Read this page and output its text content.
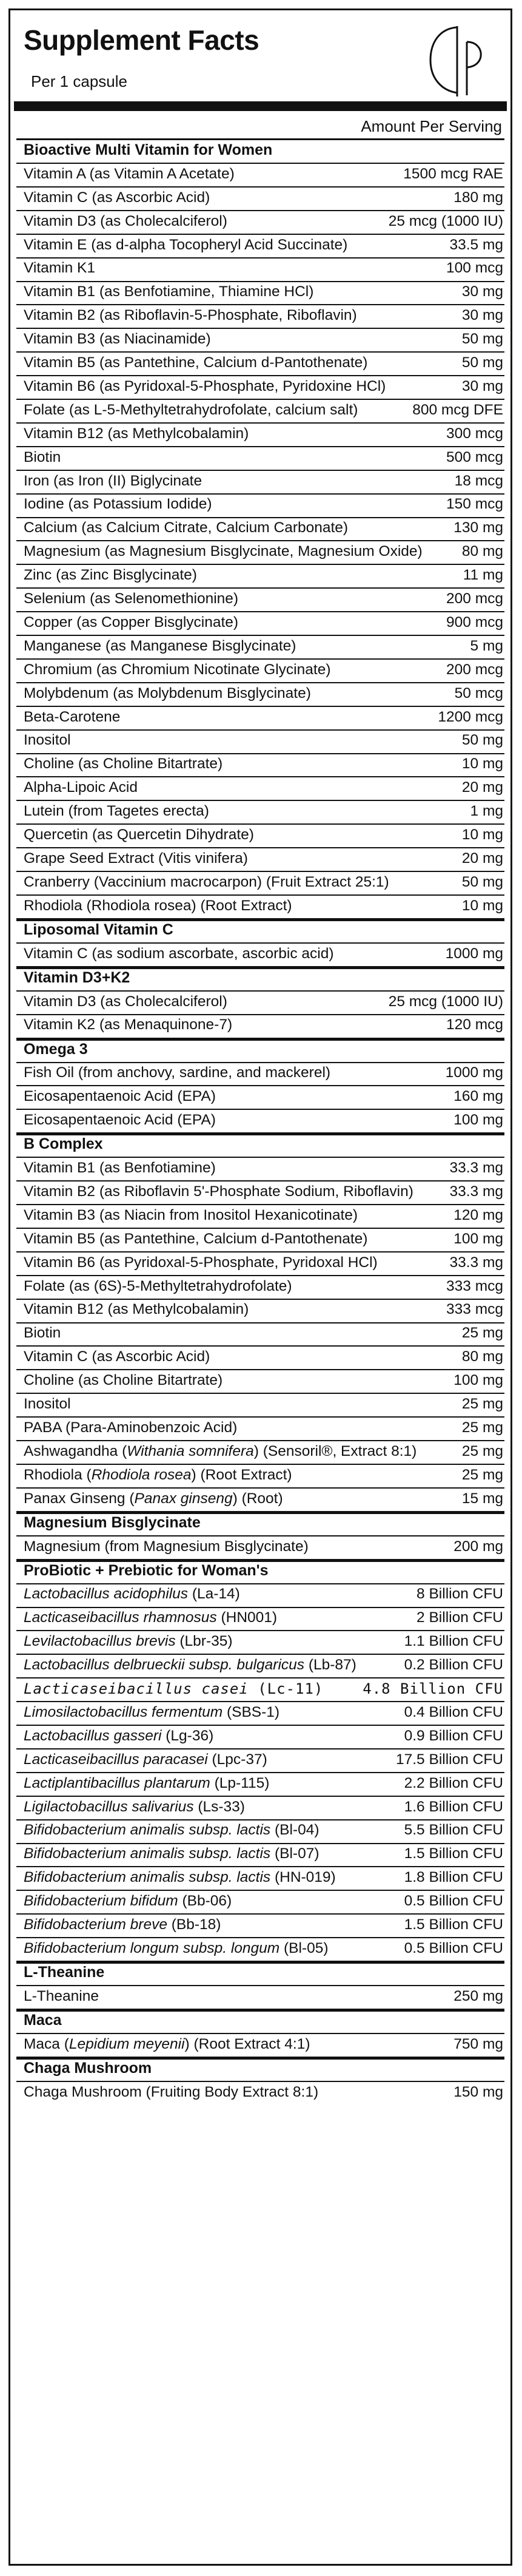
Supplement Facts
Per 1 capsule
Amount Per Serving
Bioactive Multi Vitamin for Women
Vitamin A (as Vitamin A Acetate)	1500 mcg RAE
Vitamin C (as Ascorbic Acid)	180 mg
Vitamin D3 (as Cholecalciferol)	25 mcg (1000 IU)
Vitamin E (as d-alpha Tocopheryl Acid Succinate)	33.5 mg
Vitamin K1	100 mcg
Vitamin B1 (as Benfotiamine, Thiamine HCl)	30 mg
Vitamin B2 (as Riboflavin-5-Phosphate, Riboflavin)	30 mg
Vitamin B3 (as Niacinamide)	50 mg
Vitamin B5 (as Pantethine, Calcium d-Pantothenate)	50 mg
Vitamin B6 (as Pyridoxal-5-Phosphate, Pyridoxine HCl)	30 mg
Folate (as L-5-Methyltetrahydrofolate, calcium salt)	800 mcg DFE
Vitamin B12 (as Methylcobalamin)	300 mcg
Biotin	500 mcg
Iron (as Iron (II) Biglycinate	18 mcg
Iodine (as Potassium Iodide)	150 mcg
Calcium (as Calcium Citrate, Calcium Carbonate)	130 mg
Magnesium (as Magnesium Bisglycinate, Magnesium Oxide)	80 mg
Zinc (as Zinc Bisglycinate)	11 mg
Selenium (as Selenomethionine)	200 mcg
Copper (as Copper Bisglycinate)	900 mcg
Manganese (as Manganese Bisglycinate)	5 mg
Chromium (as Chromium Nicotinate Glycinate)	200 mcg
Molybdenum (as Molybdenum Bisglycinate)	50 mcg
Beta-Carotene	1200 mcg
Inositol	50 mg
Choline (as Choline Bitartrate)	10 mg
Alpha-Lipoic Acid	20 mg
Lutein (from Tagetes erecta)	1 mg
Quercetin (as Quercetin Dihydrate)	10 mg
Grape Seed Extract (Vitis vinifera)	20 mg
Cranberry (Vaccinium macrocarpon) (Fruit Extract 25:1)	50 mg
Rhodiola (Rhodiola rosea) (Root Extract)	10 mg
Liposomal Vitamin C
Vitamin C (as sodium ascorbate, ascorbic acid)	1000 mg
Vitamin D3+K2
Vitamin D3 (as Cholecalciferol)	25 mcg (1000 IU)
Vitamin K2 (as Menaquinone-7)	120 mcg
Omega 3
Fish Oil (from anchovy, sardine, and mackerel)	1000 mg
Eicosapentaenoic Acid (EPA)	160 mg
Eicosapentaenoic Acid (EPA)	100 mg
B Complex
Vitamin B1 (as Benfotiamine)	33.3 mg
Vitamin B2 (as Riboflavin 5'-Phosphate Sodium, Riboflavin) 33.3 mg
Vitamin B3 (as Niacin from Inositol Hexanicotinate)	120 mg
Vitamin B5 (as Pantethine, Calcium d-Pantothenate)	100 mg
Vitamin B6 (as Pyridoxal-5-Phosphate, Pyridoxal HCl)	33.3 mg
Folate (as (6S)-5-Methyltetrahydrofolate)	333 mcg
Vitamin B12 (as Methylcobalamin)	333 mcg
Biotin	25 mg
Vitamin C (as Ascorbic Acid)	80 mg
Choline (as Choline Bitartrate)	100 mg
Inositol	25 mg
PABA (Para-Aminobenzoic Acid)	25 mg
Ashwagandha (Withania somnifera) (Sensoril®, Extract 8:1)	25 mg
Rhodiola (Rhodiola rosea) (Root Extract)	25 mg
Panax Ginseng (Panax ginseng) (Root)	15 mg
Magnesium Bisglycinate
Magnesium (from Magnesium Bisglycinate)	200 mg
ProBiotic + Prebiotic for Woman's
Lactobacillus acidophilus (La-14)	8 Billion CFU
Lacticaseibacillus rhamnosus (HN001)	2 Billion CFU
Levilactobacillus brevis (Lbr-35)	1.1 Billion CFU
Lactobacillus delbrueckii subsp. bulgaricus (Lb-87)	0.2 Billion CFU
Lacticaseibacillus casei (Lc-11)	4.8 Billion CFU
Limosilactobacillus fermentum (SBS-1)	0.4 Billion CFU
Lactobacillus gasseri (Lg-36)	0.9 Billion CFU
Lacticaseibacillus paracasei (Lpc-37)	17.5 Billion CFU
Lactiplantibacillus plantarum (Lp-115)	2.2 Billion CFU
Ligilactobacillus salivarius (Ls-33)	1.6 Billion CFU
Bifidobacterium animalis subsp. lactis (Bl-04)	5.5 Billion CFU
Bifidobacterium animalis subsp. lactis (Bl-07)	1.5 Billion CFU
Bifidobacterium animalis subsp. lactis (HN-019)	1.8 Billion CFU
Bifidobacterium bifidum (Bb-06)	0.5 Billion CFU
Bifidobacterium breve (Bb-18)	1.5 Billion CFU
Bifidobacterium longum subsp. longum (Bl-05)	0.5 Billion CFU
L-Theanine
L-Theanine	250 mg
Maca
Maca (Lepidium meyenii) (Root Extract 4:1)	750 mg
Chaga Mushroom
Chaga Mushroom (Fruiting Body Extract 8:1)	150 mg
